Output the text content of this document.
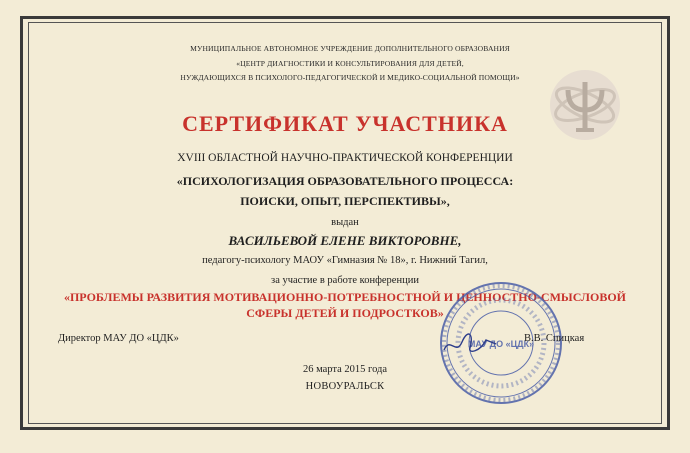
МУНИЦИПАЛЬНОЕ АВТОНОМНОЕ УЧРЕЖДЕНИЕ ДОПОЛНИТЕЛЬНОГО ОБРАЗОВАНИЯ
«ЦЕНТР ДИАГНОСТИКИ И КОНСУЛЬТИРОВАНИЯ ДЛЯ ДЕТЕЙ,
НУЖДАЮЩИХСЯ В ПСИХОЛОГО-ПЕДАГОГИЧЕСКОЙ И МЕДИКО-СОЦИАЛЬНОЙ ПОМОЩИ»
СЕРТИФИКАТ УЧАСТНИКА
XVIII ОБЛАСТНОЙ НАУЧНО-ПРАКТИЧЕСКОЙ КОНФЕРЕНЦИИ
«ПСИХОЛОГИЗАЦИЯ ОБРАЗОВАТЕЛЬНОГО ПРОЦЕССА:
ПОИСКИ, ОПЫТ, ПЕРСПЕКТИВЫ»,
выдан
ВАСИЛЬЕВОЙ ЕЛЕНЕ ВИКТОРОВНЕ,
педагогу-психологу МАОУ «Гимназия № 18», г. Нижний Тагил,
за участие в работе конференции
«ПРОБЛЕМЫ РАЗВИТИЯ МОТИВАЦИОННО-ПОТРЕБНОСТНОЙ И ЦЕННОСТНО-СМЫСЛОВОЙ
СФЕРЫ ДЕТЕЙ И ПОДРОСТКОВ»
Директор МАУ ДО «ЦДК»	МАУ ДО «ЦДК»
В.В. Спицкая
26 марта 2015 года
НОВОУРАЛЬСК
